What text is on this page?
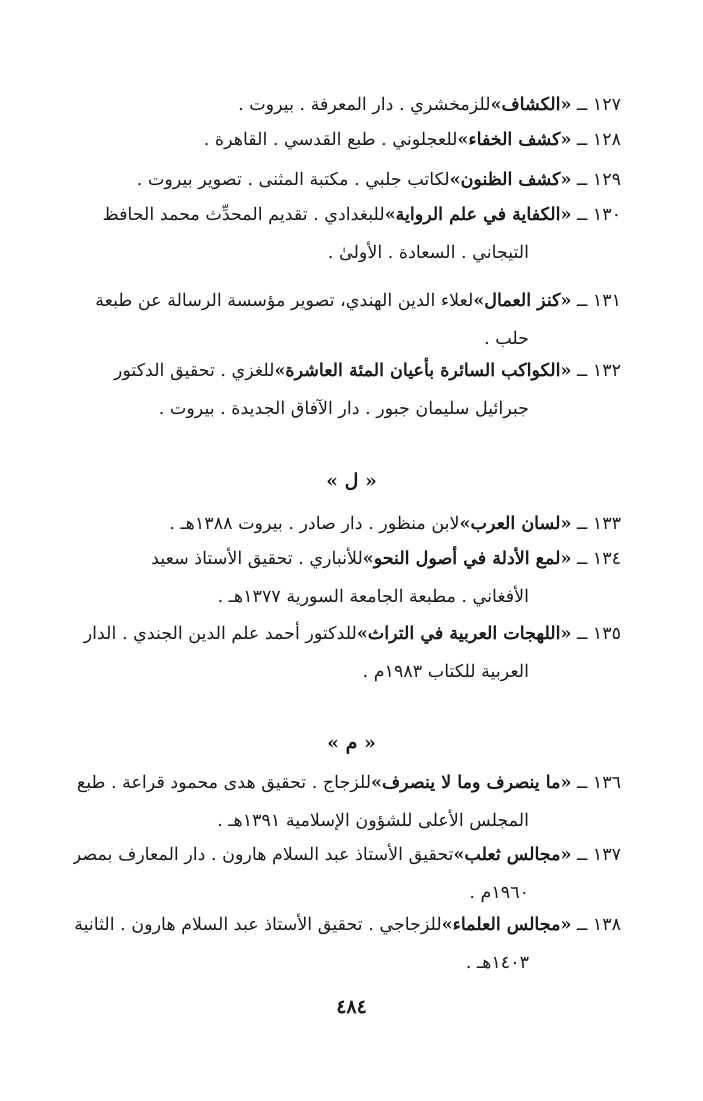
١٢٧ ــ «الكشاف»للزمخشري . دار المعرفة . بيروت .
١٢٨ ــ «كشف الخفاء»للعجلوني . طبع القدسي . القاهرة .
١٢٩ ــ «كشف الظنون»لكاتب جلبي . مكتبة المثنى . تصوير بيروت .
١٣٠ ــ «الكفاية في علم الرواية»للبغدادي . تقديم المحدِّث محمد الحافظ
التيجاني . السعادة . الأولىٰ .
١٣١ ــ «كنز العمال»لعلاء الدين الهندي، تصوير مؤسسة الرسالة عن طبعة
حلب .
١٣٢ ــ «الكواكب السائرة بأعيان المئة العاشرة»للغزي . تحقيق الدكتور
جبرائيل سليمان جبور . دار الآفاق الجديدة . بيروت .
« ل »
١٣٣ ــ «لسان العرب»لابن منظور . دار صادر . بيروت ١٣٨٨هـ .
١٣٤ ــ «لمع الأدلة في أصول النحو»للأنباري . تحقيق الأستاذ سعيد
الأفغاني . مطبعة الجامعة السورية ١٣٧٧هـ .
١٣٥ ــ «اللهجات العربية في التراث»للدكتور أحمد علم الدين الجندي . الدار
العربية للكتاب ١٩٨٣م .
« م »
١٣٦ ــ «ما ينصرف وما لا ينصرف»للزجاج . تحقيق هدى محمود قراعة . طبع
المجلس الأعلى للشؤون الإسلامية ١٣٩١هـ .
١٣٧ ــ «مجالس ثعلب»تحقيق الأستاذ عبد السلام هارون . دار المعارف بمصر
١٩٦٠م .
١٣٨ ــ «مجالس العلماء»للزجاجي . تحقيق الأستاذ عبد السلام هارون . الثانية
١٤٠٣هـ .
٤٨٤
